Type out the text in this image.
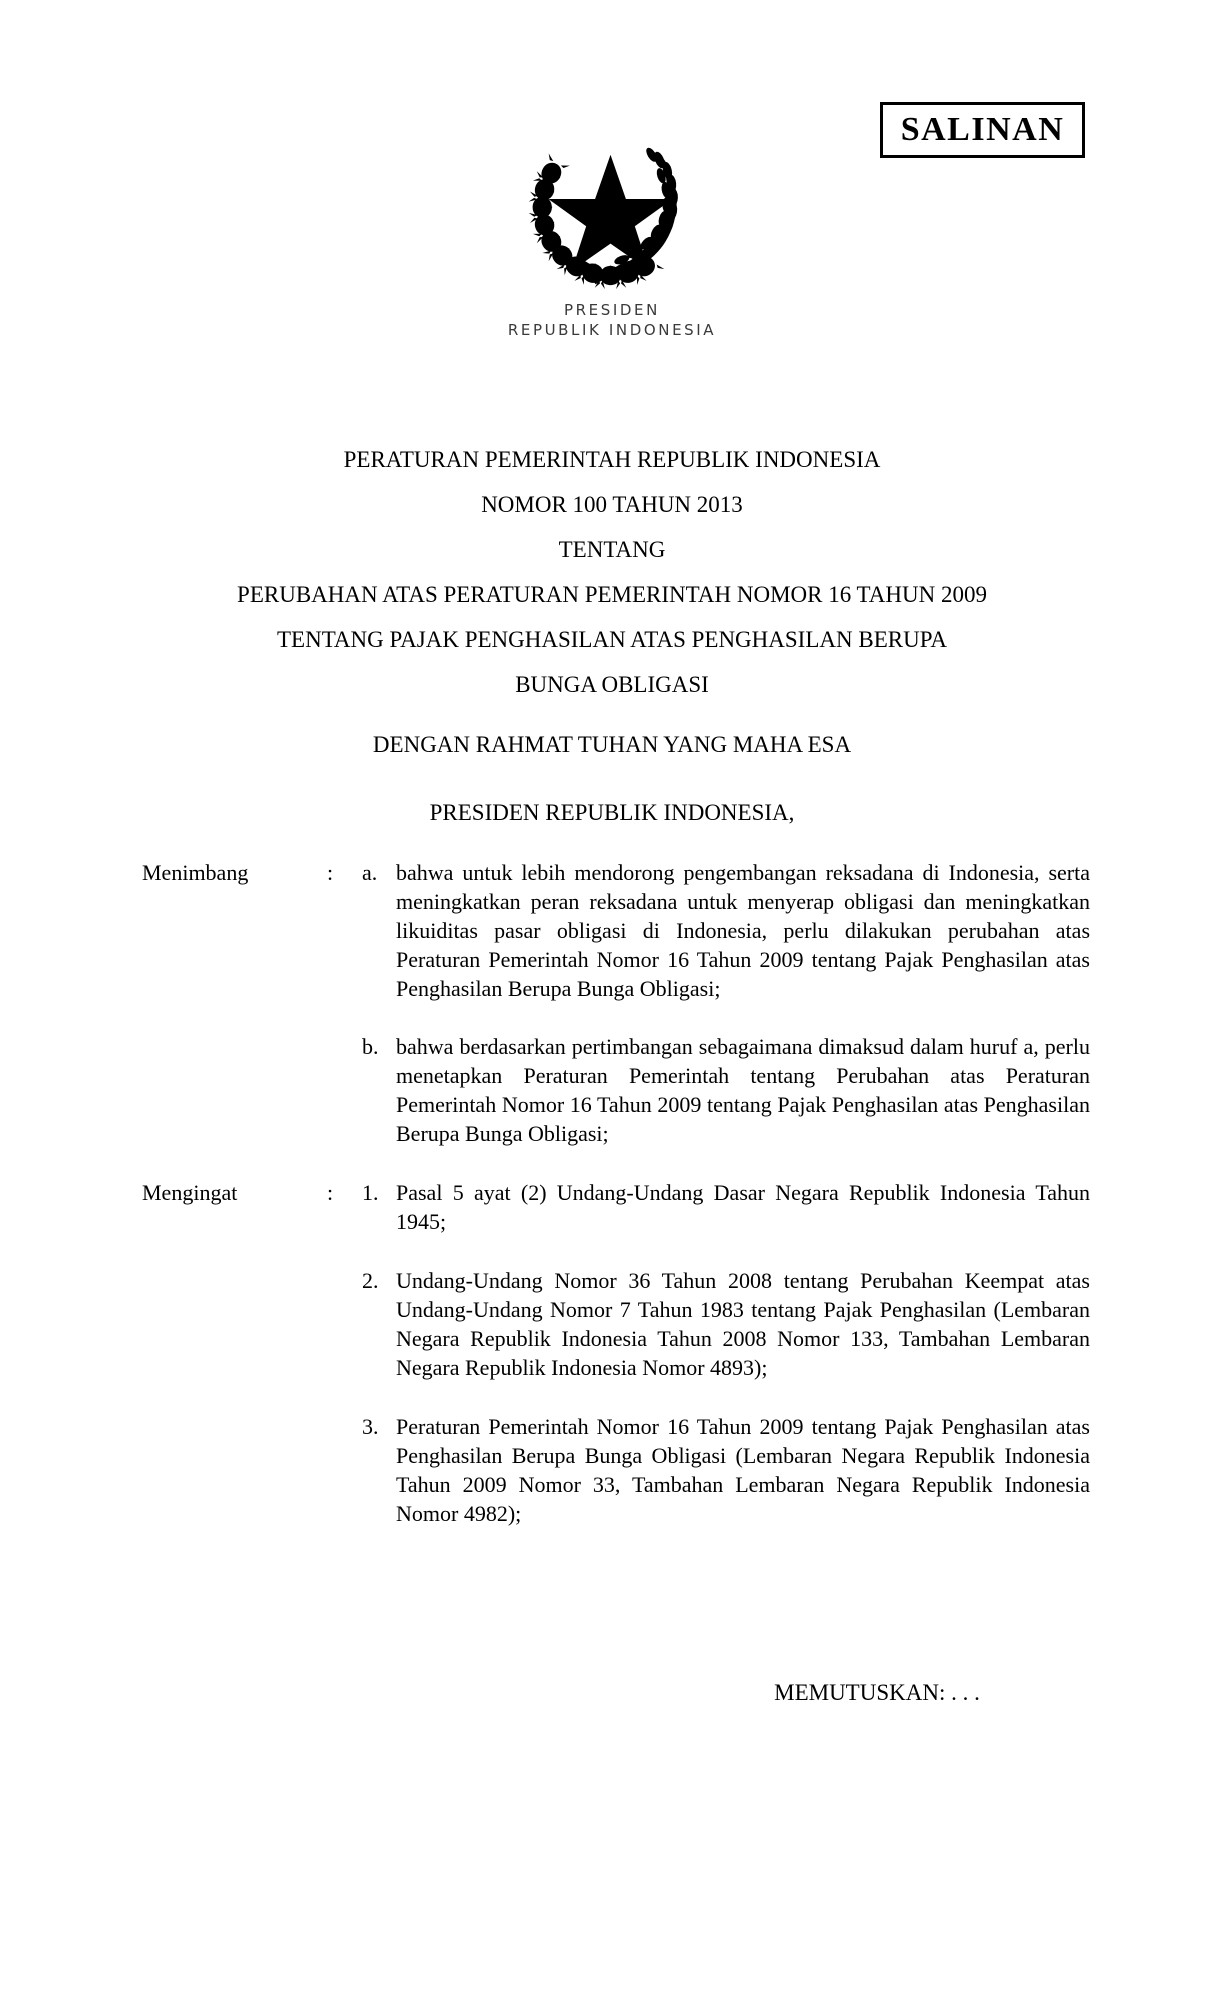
SALINAN
PRESIDEN
REPUBLIK INDONESIA
PERATURAN PEMERINTAH REPUBLIK INDONESIA
NOMOR 100 TAHUN 2013
TENTANG
PERUBAHAN ATAS PERATURAN PEMERINTAH NOMOR 16 TAHUN 2009
TENTANG PAJAK PENGHASILAN ATAS PENGHASILAN BERUPA
BUNGA OBLIGASI
DENGAN RAHMAT TUHAN YANG MAHA ESA
PRESIDEN REPUBLIK INDONESIA,
Menimbang	:	a. bahwa untuk lebih mendorong pengembangan reksadana di Indonesia, serta meningkatkan peran reksadana untuk menyerap obligasi dan meningkatkan likuiditas pasar obligasi di Indonesia, perlu dilakukan perubahan atas Peraturan Pemerintah Nomor 16 Tahun 2009 tentang Pajak Penghasilan atas Penghasilan Berupa Bunga Obligasi;
b. bahwa berdasarkan pertimbangan sebagaimana dimaksud dalam huruf a, perlu menetapkan Peraturan Pemerintah tentang Perubahan atas Peraturan Pemerintah Nomor 16 Tahun 2009 tentang Pajak Penghasilan atas Penghasilan Berupa Bunga Obligasi;
Mengingat	:	1. Pasal 5 ayat (2) Undang-Undang Dasar Negara Republik Indonesia Tahun 1945;
2. Undang-Undang Nomor 36 Tahun 2008 tentang Perubahan Keempat atas Undang-Undang Nomor 7 Tahun 1983 tentang Pajak Penghasilan (Lembaran Negara Republik Indonesia Tahun 2008 Nomor 133, Tambahan Lembaran Negara Republik Indonesia Nomor 4893);
3. Peraturan Pemerintah Nomor 16 Tahun 2009 tentang Pajak Penghasilan atas Penghasilan Berupa Bunga Obligasi (Lembaran Negara Republik Indonesia Tahun 2009 Nomor 33, Tambahan Lembaran Negara Republik Indonesia Nomor 4982);
MEMUTUSKAN: . . .
